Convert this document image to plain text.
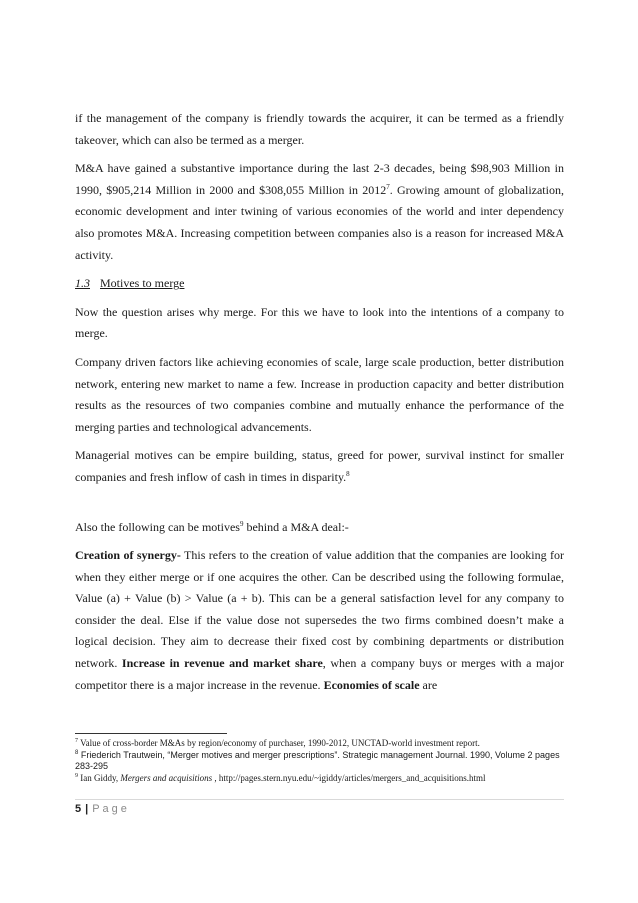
if the management of the company is friendly towards the acquirer, it can be termed as a friendly takeover, which can also be termed as a merger.

M&A have gained a substantive importance during the last 2-3 decades, being $98,903 Million in 1990, $905,214 Million in 2000 and $308,055 Million in 2012$^7$. Growing amount of globalization, economic development and inter twining of various economies of the world and inter dependency also promotes M&A. Increasing competition between companies also is a reason for increased M&A activity.

1.3 Motives to merge

Now the question arises why merge. For this we have to look into the intentions of a company to merge.

Company driven factors like achieving economies of scale, large scale production, better distribution network, entering new market to name a few. Increase in production capacity and better distribution results as the resources of two companies combine and mutually enhance the performance of the merging parties and technological advancements.

Managerial motives can be empire building, status, greed for power, survival instinct for smaller companies and fresh inflow of cash in times in disparity.$^8$

Also the following can be motives$^9$ behind a M&A deal:-

Creation of synergy- This refers to the creation of value addition that the companies are looking for when they either merge or if one acquires the other. Can be described using the following formulae, Value (a) + Value (b) > Value (a + b). This can be a general satisfaction level for any company to consider the deal. Else if the value dose not supersedes the two firms combined doesn’t make a logical decision. They aim to decrease their fixed cost by combining departments or distribution network. Increase in revenue and market share, when a company buys or merges with a major competitor there is a major increase in the revenue. Economies of scale are

$^7$ Value of cross-border M&As by region/economy of purchaser, 1990-2012, UNCTAD-world investment report.

$^8$ Friederich Trautwein, “Merger motives and merger prescriptions”. Strategic management Journal. 1990, Volume 2 pages 283-295

$^9$ Ian Giddy, Mergers and acquisitions , http://pages.stern.nyu.edu/~igiddy/articles/mergers_and_acquisitions.html

5 | Page
